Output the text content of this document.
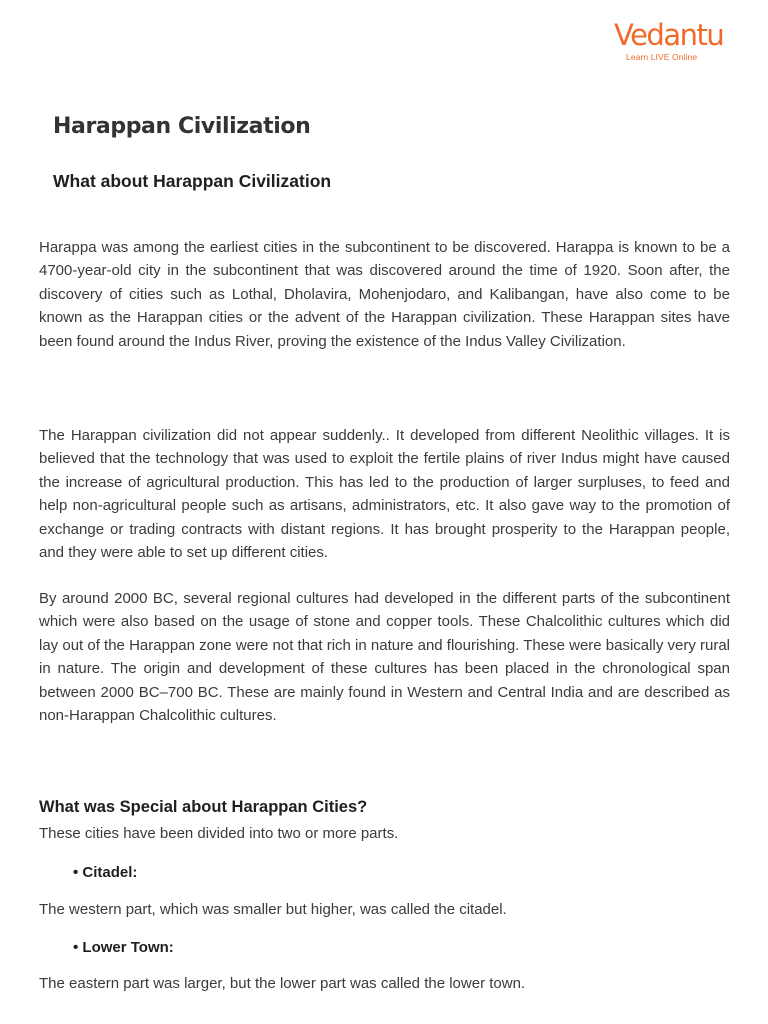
Vedantu
Learn LIVE Online
Harappan Civilization
What about Harappan Civilization

Harappa was among the earliest cities in the subcontinent to be discovered. Harappa is known to be a 4700-year-old city in the subcontinent that was discovered around the time of 1920. Soon after, the discovery of cities such as Lothal, Dholavira, Mohenjodaro, and Kalibangan, have also come to be known as the Harappan cities or the advent of the Harappan civilization. These Harappan sites have been found around the Indus River, proving the existence of the Indus Valley Civilization.

The Harappan civilization did not appear suddenly.. It developed from different Neolithic villages. It is believed that the technology that was used to exploit the fertile plains of river Indus might have caused the increase of agricultural production. This has led to the production of larger surpluses, to feed and help non-agricultural people such as artisans, administrators, etc. It also gave way to the promotion of exchange or trading contracts with distant regions. It has brought prosperity to the Harappan people, and they were able to set up different cities.

By around 2000 BC, several regional cultures had developed in the different parts of the subcontinent which were also based on the usage of stone and copper tools. These Chalcolithic cultures which did lay out of the Harappan zone were not that rich in nature and flourishing. These were basically very rural in nature. The origin and development of these cultures has been placed in the chronological span between 2000 BC–700 BC. These are mainly found in Western and Central India and are described as non-Harappan Chalcolithic cultures.

What was Special about Harappan Cities?

These cities have been divided into two or more parts.

• Citadel:

The western part, which was smaller but higher, was called the citadel.

• Lower Town:

The eastern part was larger, but the lower part was called the lower town.
